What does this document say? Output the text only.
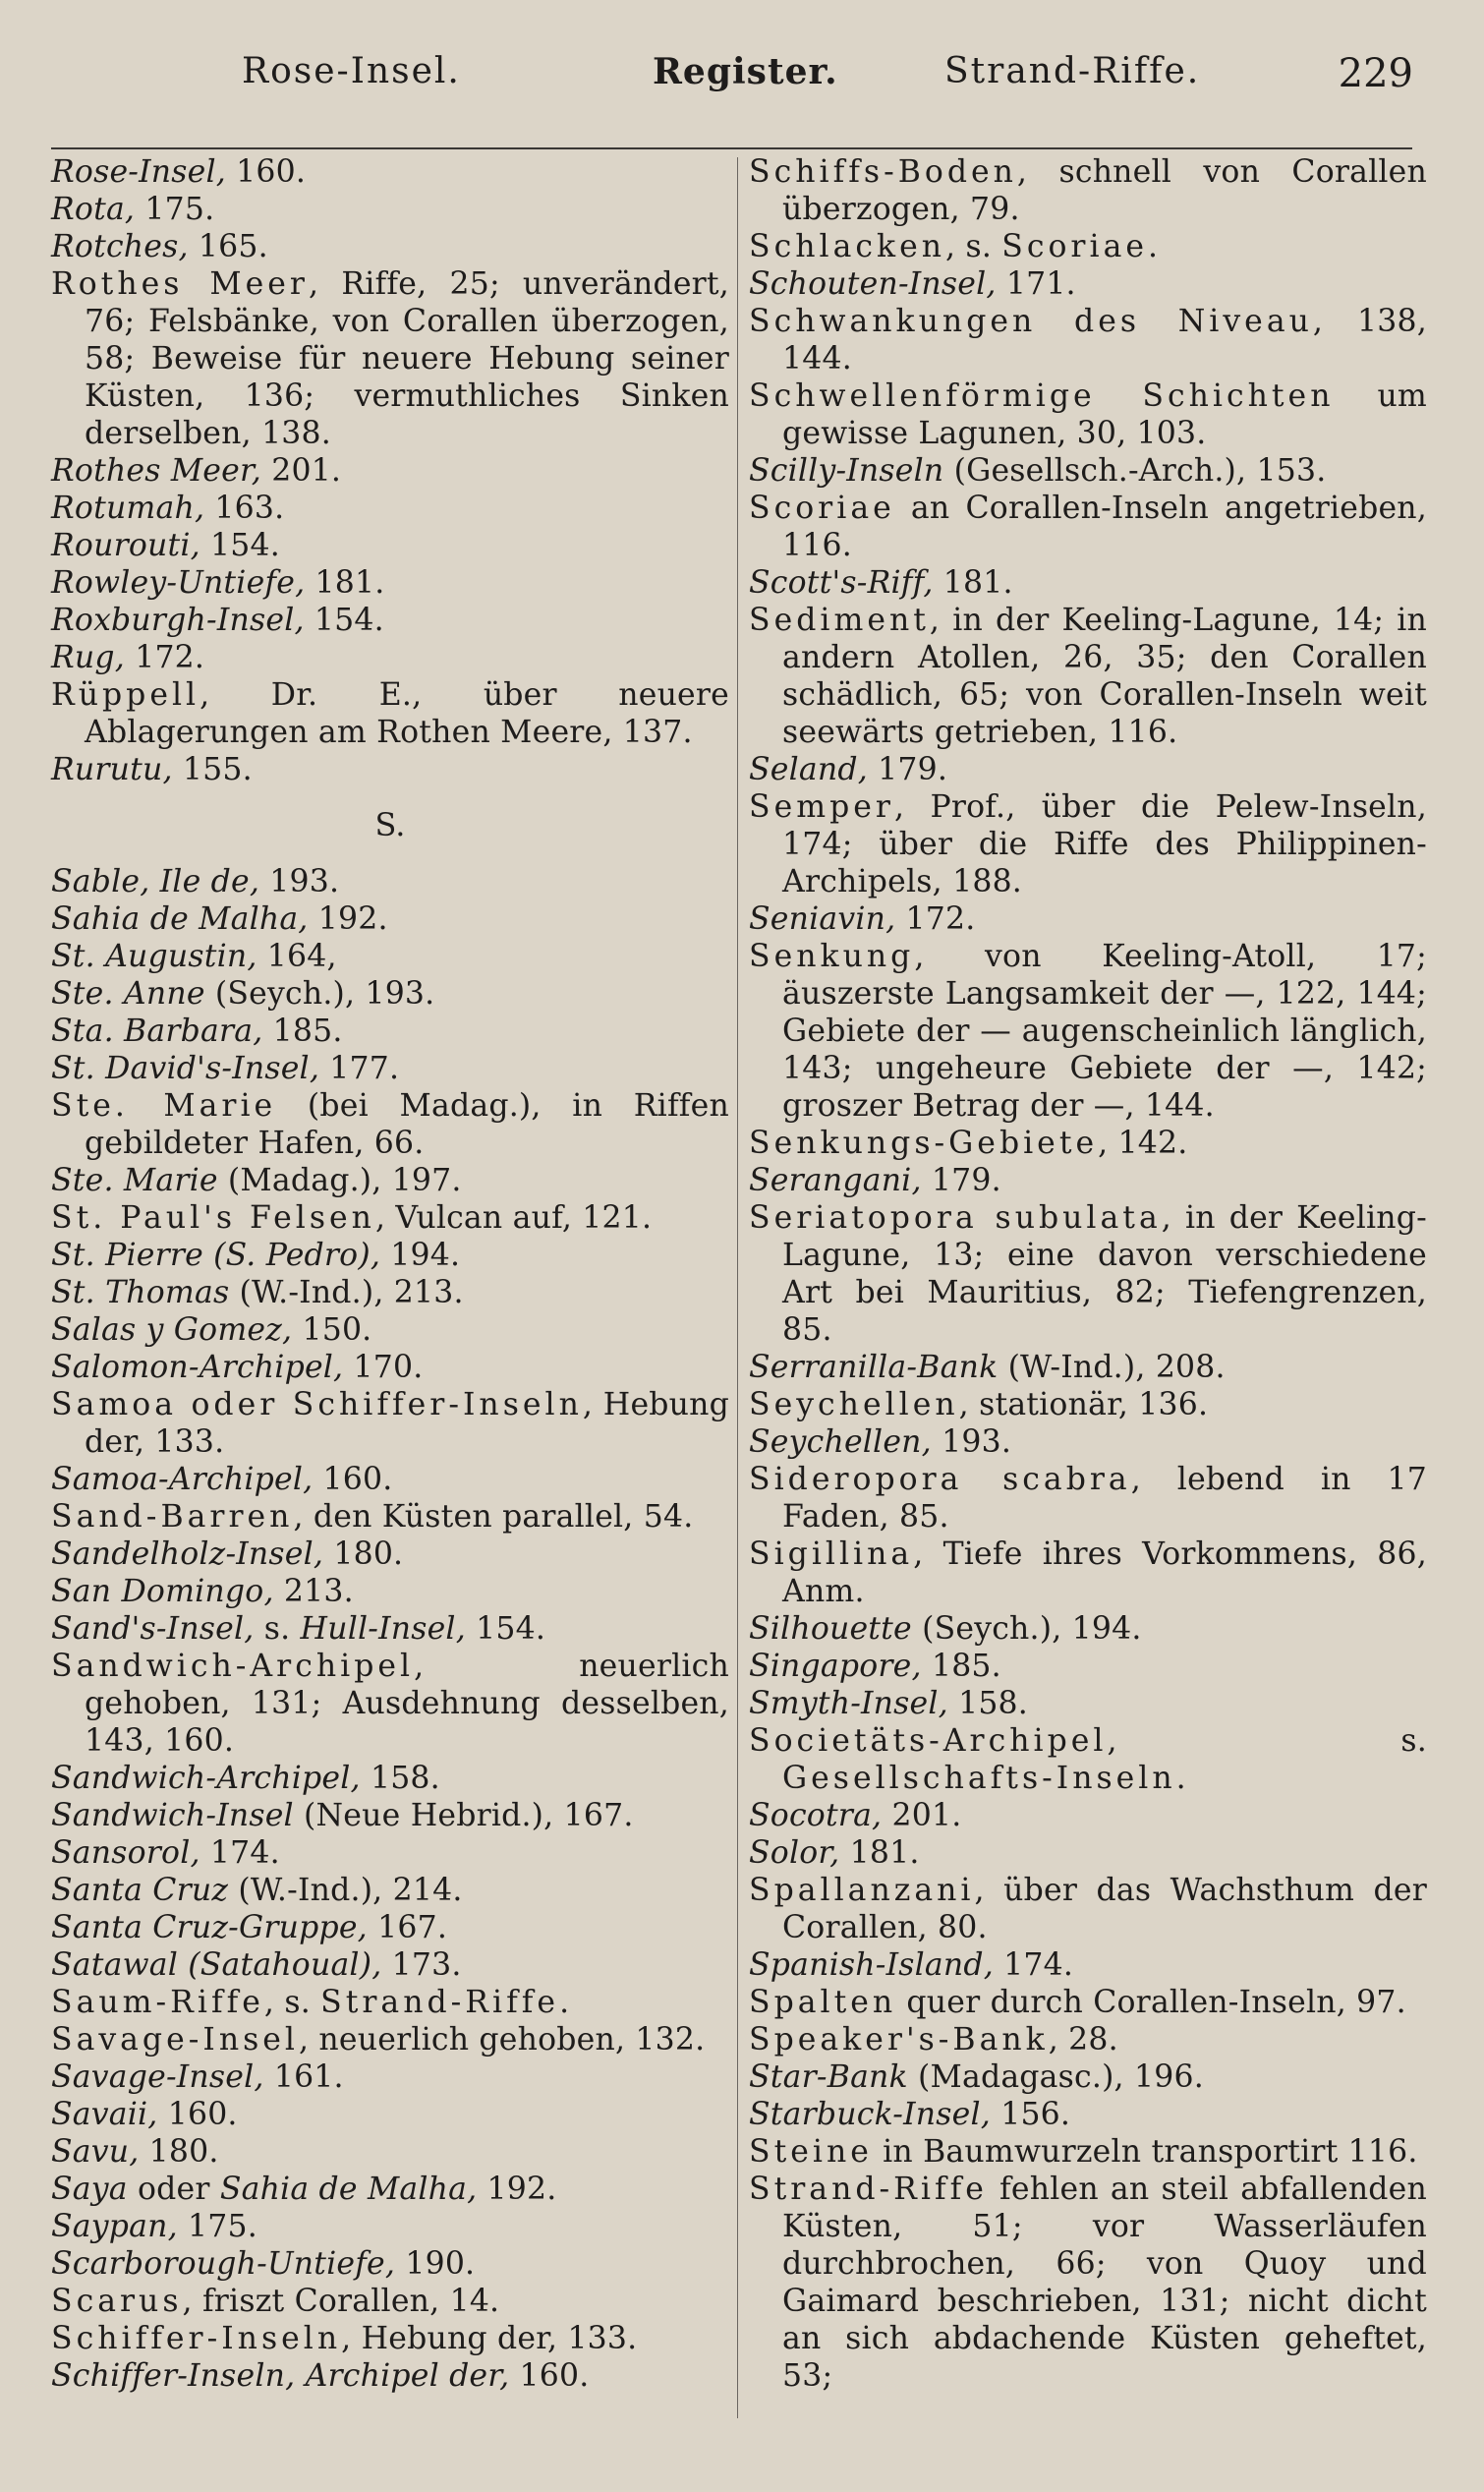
Rose-Insel.	Register.	Strand-Riffe.	229
Rose-Insel, 160.
Rota, 175.
Rotches, 165.
Rothes Meer, Riffe, 25; unverändert, 76; Felsbänke, von Corallen überzogen, 58; Beweise für neuere Hebung seiner Küsten, 136; vermuthliches Sinken derselben, 138.
Rothes Meer, 201.
Rotumah, 163.
Rourouti, 154.
Rowley-Untiefe, 181.
Roxburgh-Insel, 154.
Rug, 172.
Rüppell, Dr. E., über neuere Ablagerungen am Rothen Meere, 137.
Rurutu, 155.
S.
Sable, Ile de, 193.
Sahia de Malha, 192.
St. Augustin, 164,
Ste. Anne (Seych.), 193.
Sta. Barbara, 185.
St. David's-Insel, 177.
Ste. Marie (bei Madag.), in Riffen gebildeter Hafen, 66.
Ste. Marie (Madag.), 197.
St. Paul's Felsen, Vulcan auf, 121.
St. Pierre (S. Pedro), 194.
St. Thomas (W.-Ind.), 213.
Salas y Gomez, 150.
Salomon-Archipel, 170.
Samoa oder Schiffer-Inseln, Hebung der, 133.
Samoa-Archipel, 160.
Sand-Barren, den Küsten parallel, 54.
Sandelholz-Insel, 180.
San Domingo, 213.
Sand's-Insel, s. Hull-Insel, 154.
Sandwich-Archipel, neuerlich gehoben, 131; Ausdehnung desselben, 143, 160.
Sandwich-Archipel, 158.
Sandwich-Insel (Neue Hebrid.), 167.
Sansorol, 174.
Santa Cruz (W.-Ind.), 214.
Santa Cruz-Gruppe, 167.
Satawal (Satahoual), 173.
Saum-Riffe, s. Strand-Riffe.
Savage-Insel, neuerlich gehoben, 132.
Savage-Insel, 161.
Savaii, 160.
Savu, 180.
Saya oder Sahia de Malha, 192.
Saypan, 175.
Scarborough-Untiefe, 190.
Scarus, friszt Corallen, 14.
Schiffer-Inseln, Hebung der, 133.
Schiffer-Inseln, Archipel der, 160.
Schiffs-Boden, schnell von Corallen überzogen, 79.
Schlacken, s. Scoriae.
Schouten-Insel, 171.
Schwankungen des Niveau, 138, 144.
Schwellenförmige Schichten um gewisse Lagunen, 30, 103.
Scilly-Inseln (Gesellsch.-Arch.), 153.
Scoriae an Corallen-Inseln angetrieben, 116.
Scott's-Riff, 181.
Sediment, in der Keeling-Lagune, 14; in andern Atollen, 26, 35; den Corallen schädlich, 65; von Corallen-Inseln weit seewärts getrieben, 116.
Seland, 179.
Semper, Prof., über die Pelew-Inseln, 174; über die Riffe des Philippinen-Archipels, 188.
Seniavin, 172.
Senkung, von Keeling-Atoll, 17; äuszerste Langsamkeit der —, 122, 144; Gebiete der — augenscheinlich länglich, 143; ungeheure Gebiete der —, 142; groszer Betrag der —, 144.
Senkungs-Gebiete, 142.
Serangani, 179.
Seriatopora subulata, in der Keeling-Lagune, 13; eine davon verschiedene Art bei Mauritius, 82; Tiefengrenzen, 85.
Serranilla-Bank (W-Ind.), 208.
Seychellen, stationär, 136.
Seychellen, 193.
Sideropora scabra, lebend in 17 Faden, 85.
Sigillina, Tiefe ihres Vorkommens, 86, Anm.
Silhouette (Seych.), 194.
Singapore, 185.
Smyth-Insel, 158.
Societäts-Archipel, s. Gesellschafts-Inseln.
Socotra, 201.
Solor, 181.
Spallanzani, über das Wachsthum der Corallen, 80.
Spanish-Island, 174.
Spalten quer durch Corallen-Inseln, 97.
Speaker's-Bank, 28.
Star-Bank (Madagasc.), 196.
Starbuck-Insel, 156.
Steine in Baumwurzeln transportirt 116.
Strand-Riffe fehlen an steil abfallenden Küsten, 51; vor Wasserläufen durchbrochen, 66; von Quoy und Gaimard beschrieben, 131; nicht dicht an sich abdachende Küsten geheftet, 53;
